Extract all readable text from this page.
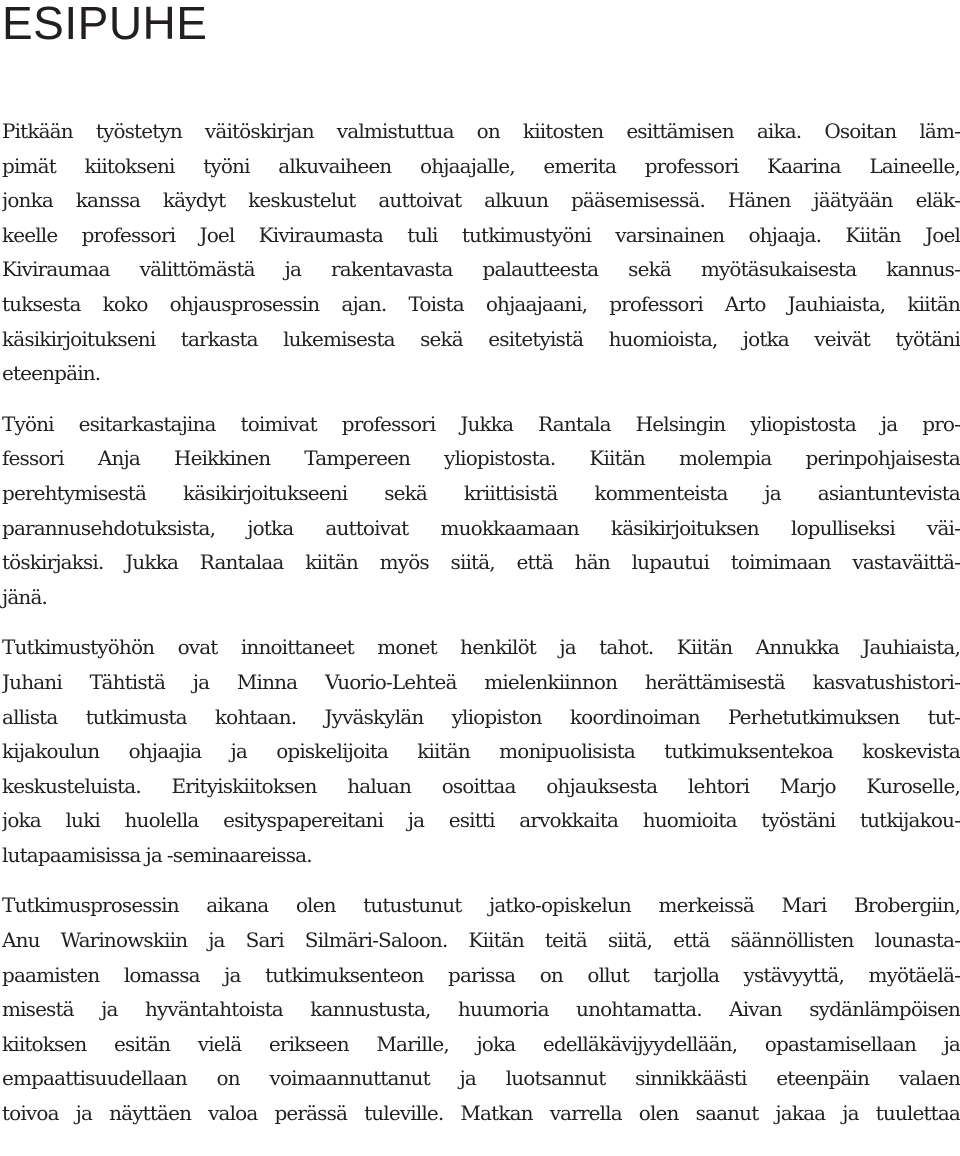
ESIPUHE

Pitkään työstetyn väitöskirjan valmistuttua on kiitosten esittämisen aika. Osoitan läm-
pimät kiitokseni työni alkuvaiheen ohjaajalle, emerita professori Kaarina Laineelle,
jonka kanssa käydyt keskustelut auttoivat alkuun pääsemisessä. Hänen jäätyään eläk-
keelle professori Joel Kiviraumasta tuli tutkimustyöni varsinainen ohjaaja. Kiitän Joel
Kiviraumaa välittömästä ja rakentavasta palautteesta sekä myötäsukaisesta kannus-
tuksesta koko ohjausprosessin ajan. Toista ohjaajaani, professori Arto Jauhiaista, kiitän
käsikirjoitukseni tarkasta lukemisesta sekä esitetyistä huomioista, jotka veivät työtäni
eteenpäin.

Työni esitarkastajina toimivat professori Jukka Rantala Helsingin yliopistosta ja pro-
fessori Anja Heikkinen Tampereen yliopistosta. Kiitän molempia perinpohjaisesta
perehtymisestä käsikirjoitukseeni sekä kriittisistä kommenteista ja asiantuntevista
parannusehdotuksista, jotka auttoivat muokkaamaan käsikirjoituksen lopulliseksi väi-
töskirjaksi. Jukka Rantalaa kiitän myös siitä, että hän lupautui toimimaan vastaväittä-
jänä.

Tutkimustyöhön ovat innoittaneet monet henkilöt ja tahot. Kiitän Annukka Jauhiaista,
Juhani Tähtistä ja Minna Vuorio-Lehteä mielenkiinnon herättämisestä kasvatushistori-
allista tutkimusta kohtaan. Jyväskylän yliopiston koordinoiman Perhetutkimuksen tut-
kijakoulun ohjaajia ja opiskelijoita kiitän monipuolisista tutkimuksentekoa koskevista
keskusteluista. Erityiskiitoksen haluan osoittaa ohjauksesta lehtori Marjo Kuroselle,
joka luki huolella esityspapereitani ja esitti arvokkaita huomioita työstäni tutkijakou-
lutapaamisissa ja -seminaareissa.

Tutkimusprosessin aikana olen tutustunut jatko-opiskelun merkeissä Mari Brobergiin,
Anu Warinowskiin ja Sari Silmäri-Saloon. Kiitän teitä siitä, että säännöllisten lounasta-
paamisten lomassa ja tutkimuksenteon parissa on ollut tarjolla ystävyyttä, myötäelä-
misestä ja hyväntahtoista kannustusta, huumoria unohtamatta. Aivan sydänlämpöisen
kiitoksen esitän vielä erikseen Marille, joka edelläkävijyydellään, opastamisellaan ja
empaattisuudellaan on voimaannuttanut ja luotsannut sinnikkäästi eteenpäin valaen
toivoa ja näyttäen valoa perässä tuleville. Matkan varrella olen saanut jakaa ja tuulettaa
